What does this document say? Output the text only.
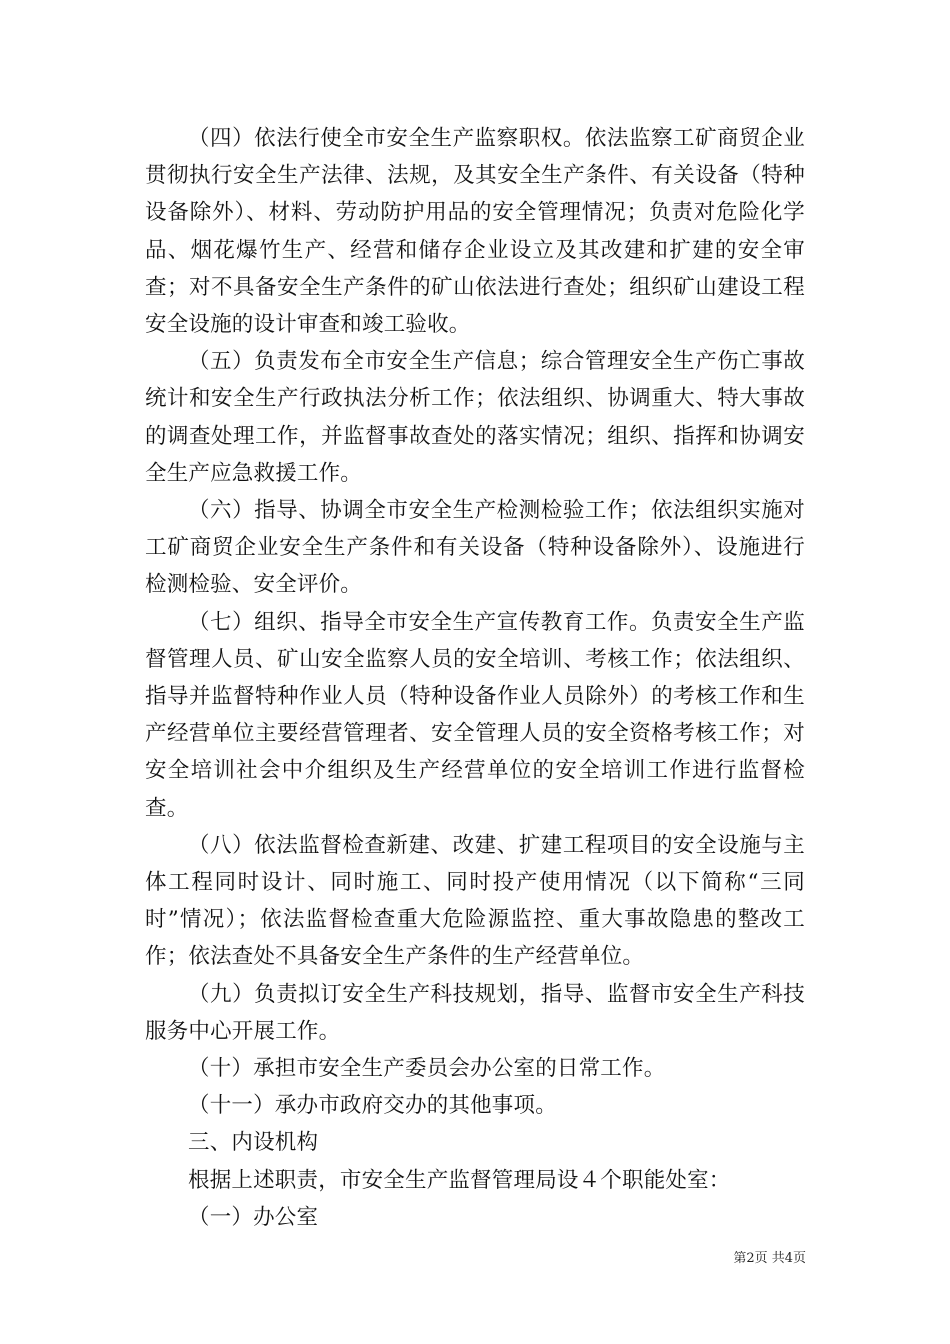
（四）依法行使全市安全生产监察职权。依法监察工矿商贸企业贯彻执行安全生产法律、法规，及其安全生产条件、有关设备（特种设备除外）、材料、劳动防护用品的安全管理情况；负责对危险化学品、烟花爆竹生产、经营和储存企业设立及其改建和扩建的安全审查；对不具备安全生产条件的矿山依法进行查处；组织矿山建设工程安全设施的设计审查和竣工验收。

（五）负责发布全市安全生产信息；综合管理安全生产伤亡事故统计和安全生产行政执法分析工作；依法组织、协调重大、特大事故的调查处理工作，并监督事故查处的落实情况；组织、指挥和协调安全生产应急救援工作。

（六）指导、协调全市安全生产检测检验工作；依法组织实施对工矿商贸企业安全生产条件和有关设备（特种设备除外）、设施进行检测检验、安全评价。

（七）组织、指导全市安全生产宣传教育工作。负责安全生产监督管理人员、矿山安全监察人员的安全培训、考核工作；依法组织、指导并监督特种作业人员（特种设备作业人员除外）的考核工作和生产经营单位主要经营管理者、安全管理人员的安全资格考核工作；对安全培训社会中介组织及生产经营单位的安全培训工作进行监督检查。

（八）依法监督检查新建、改建、扩建工程项目的安全设施与主体工程同时设计、同时施工、同时投产使用情况（以下简称“三同时”情况）；依法监督检查重大危险源监控、重大事故隐患的整改工作；依法查处不具备安全生产条件的生产经营单位。

（九）负责拟订安全生产科技规划，指导、监督市安全生产科技服务中心开展工作。

（十）承担市安全生产委员会办公室的日常工作。

（十一）承办市政府交办的其他事项。

三、内设机构

根据上述职责，市安全生产监督管理局设４个职能处室：

（一）办公室

第2页 共4页
